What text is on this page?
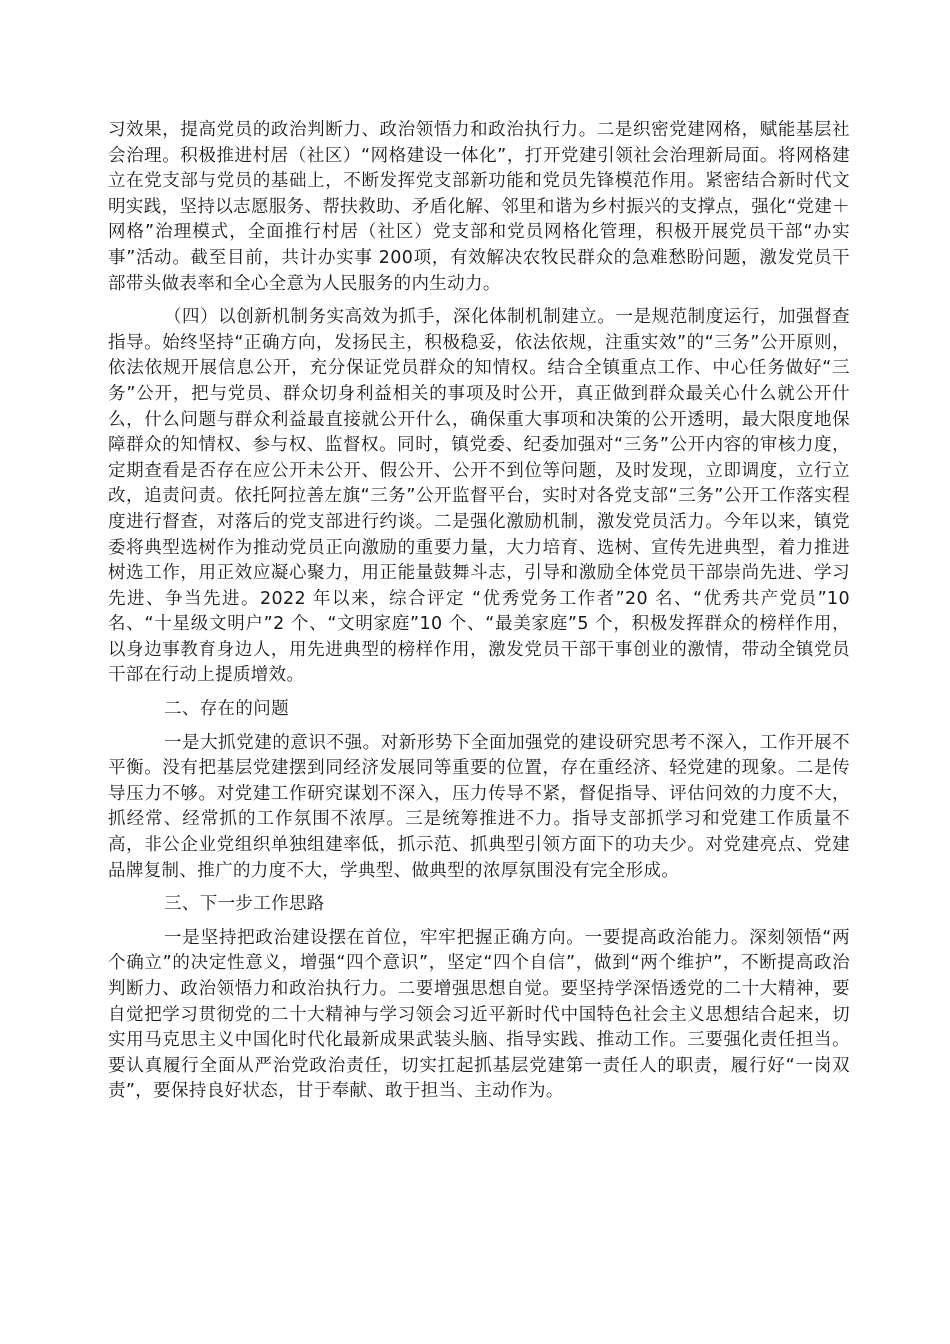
习效果，提高党员的政治判断力、政治领悟力和政治执行力。二是织密党建网格，赋能基层社会治理。积极推进村居（社区）“网格建设一体化”，打开党建引领社会治理新局面。将网格建立在党支部与党员的基础上，不断发挥党支部新功能和党员先锋模范作用。紧密结合新时代文明实践，坚持以志愿服务、帮扶救助、矛盾化解、邻里和谐为乡村振兴的支撑点，强化“党建＋网格”治理模式，全面推行村居（社区）党支部和党员网格化管理，积极开展党员干部“办实事”活动。截至目前，共计办实事 200项，有效解决农牧民群众的急难愁盼问题，激发党员干部带头做表率和全心全意为人民服务的内生动力。

（四）以创新机制务实高效为抓手，深化体制机制建立。一是规范制度运行，加强督查指导。始终坚持“正确方向，发扬民主，积极稳妥，依法依规，注重实效”的“三务”公开原则，依法依规开展信息公开，充分保证党员群众的知情权。结合全镇重点工作、中心任务做好“三务”公开，把与党员、群众切身利益相关的事项及时公开，真正做到群众最关心什么就公开什么，什么问题与群众利益最直接就公开什么，确保重大事项和决策的公开透明，最大限度地保障群众的知情权、参与权、监督权。同时，镇党委、纪委加强对“三务”公开内容的审核力度，定期查看是否存在应公开未公开、假公开、公开不到位等问题，及时发现，立即调度，立行立改，追责问责。依托阿拉善左旗“三务”公开监督平台，实时对各党支部“三务”公开工作落实程度进行督查，对落后的党支部进行约谈。二是强化激励机制，激发党员活力。今年以来，镇党委将典型选树作为推动党员正向激励的重要力量，大力培育、选树、宣传先进典型，着力推进树选工作，用正效应凝心聚力，用正能量鼓舞斗志，引导和激励全体党员干部崇尚先进、学习先进、争当先进。2022 年以来，综合评定 “优秀党务工作者”20 名、“优秀共产党员”10 名、“十星级文明户”2 个、“文明家庭”10 个、“最美家庭”5 个，积极发挥群众的榜样作用，以身边事教育身边人，用先进典型的榜样作用，激发党员干部干事创业的激情，带动全镇党员干部在行动上提质增效。

二、存在的问题

一是大抓党建的意识不强。对新形势下全面加强党的建设研究思考不深入，工作开展不平衡。没有把基层党建摆到同经济发展同等重要的位置，存在重经济、轻党建的现象。二是传导压力不够。对党建工作研究谋划不深入，压力传导不紧，督促指导、评估问效的力度不大，抓经常、经常抓的工作氛围不浓厚。三是统筹推进不力。指导支部抓学习和党建工作质量不高，非公企业党组织单独组建率低，抓示范、抓典型引领方面下的功夫少。对党建亮点、党建品牌复制、推广的力度不大，学典型、做典型的浓厚氛围没有完全形成。

三、下一步工作思路

一是坚持把政治建设摆在首位，牢牢把握正确方向。一要提高政治能力。深刻领悟“两个确立”的决定性意义，增强“四个意识”，坚定“四个自信”，做到“两个维护”，不断提高政治判断力、政治领悟力和政治执行力。二要增强思想自觉。要坚持学深悟透党的二十大精神，要自觉把学习贯彻党的二十大精神与学习领会习近平新时代中国特色社会主义思想结合起来，切实用马克思主义中国化时代化最新成果武装头脑、指导实践、推动工作。三要强化责任担当。要认真履行全面从严治党政治责任，切实扛起抓基层党建第一责任人的职责，履行好“一岗双责”，要保持良好状态，甘于奉献、敢于担当、主动作为。
